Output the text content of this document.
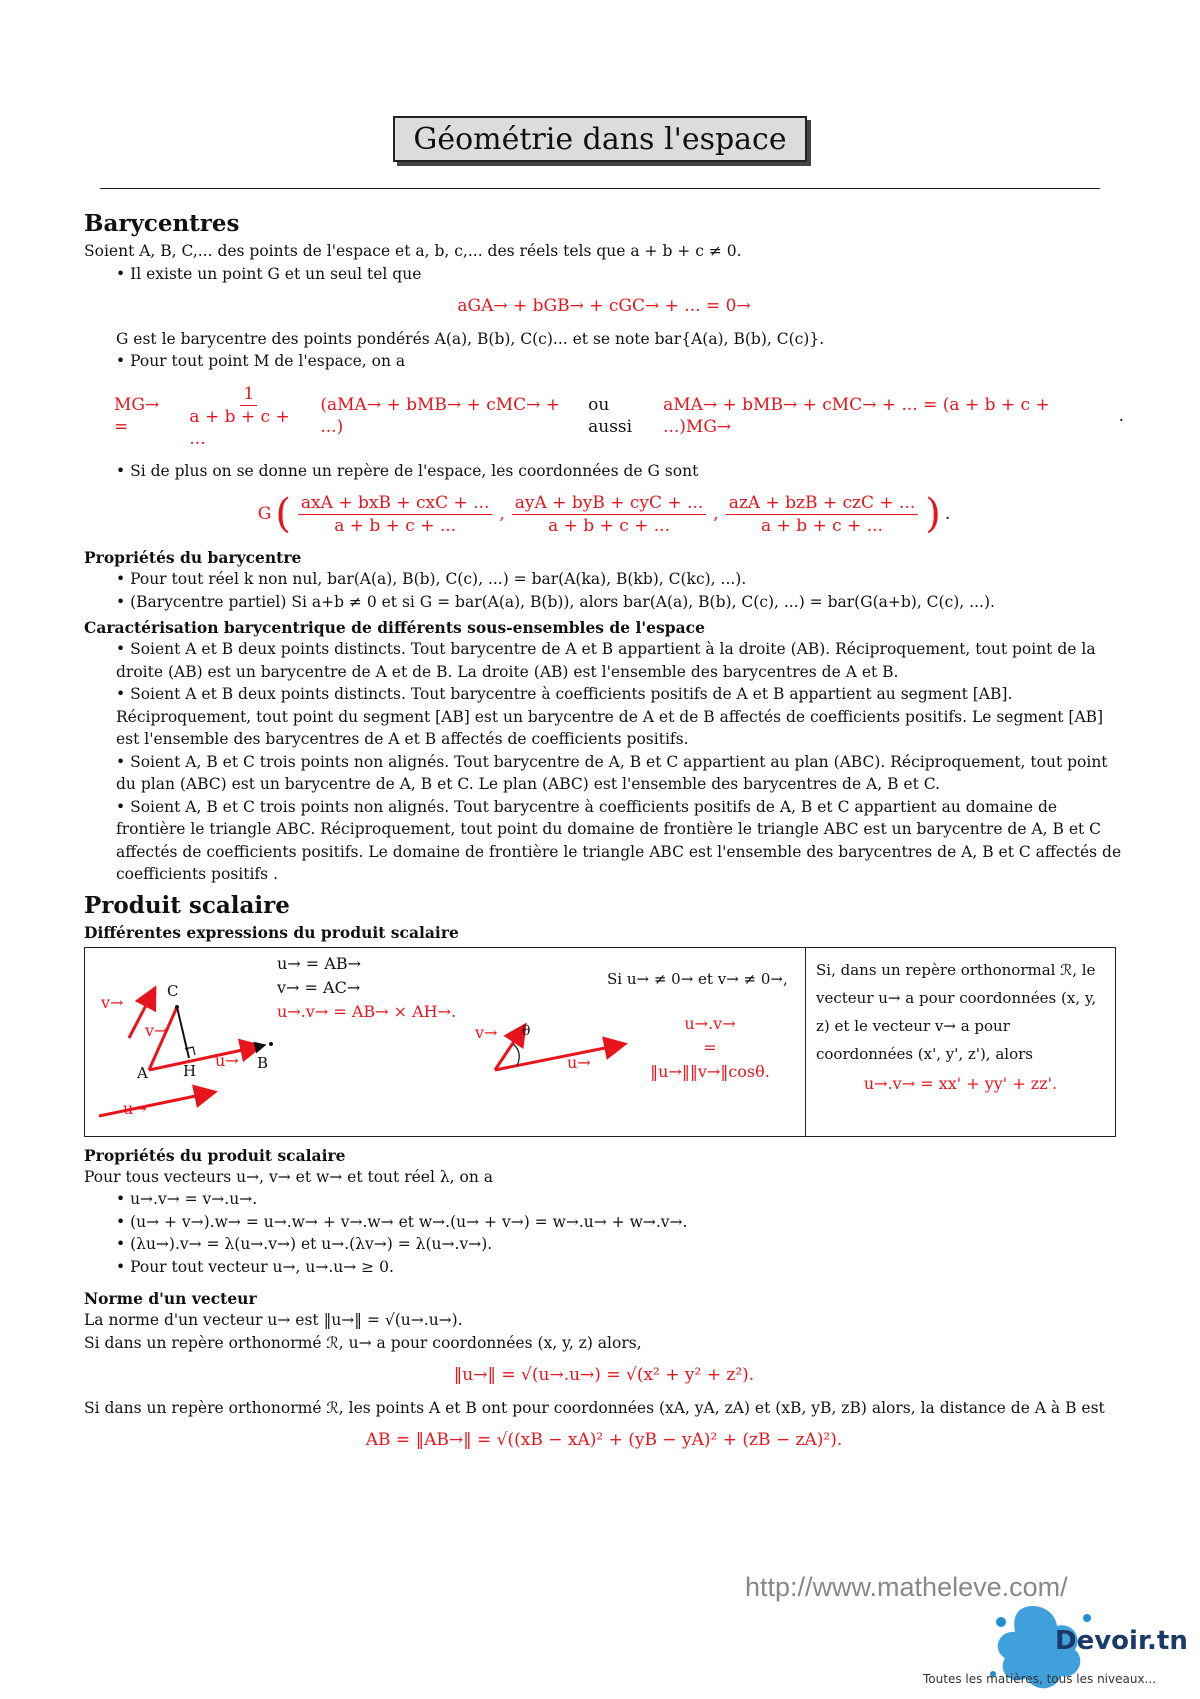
Géométrie dans l'espace
Barycentres

Soient A, B, C,... des points de l'espace et a, b, c,... des réels tels que a + b + c ≠ 0.

• Il existe un point G et un seul tel que

aGA→ + bGB→ + cGC→ + ... = 0→

G est le barycentre des points pondérés A(a), B(b), C(c)... et se note bar{A(a), B(b), C(c)}.

• Pour tout point M de l'espace, on a

MG→ =	$\frac{1}{a + b + c + ...} (aMA\to + bMB\to + cMC\to$ + ...)
ou aussi
aMA→ + bMB→ + cMC→ + ... = (a + b + c + ...)MG→
.

• Si de plus on se donne un repère de l'espace, les coordonnées de G sont

G ( $\frac{\text{axA + bxB + cxC + ...}}{a + b + c + ...}$ , $\frac{\text{ayA + byB + cyC + ...}}{a + b + c + ...}$ , $\frac{\text{azA + bzB + czC + ...}}{a + b + c + ...}$ ) .
Propriétés du barycentre

• Pour tout réel k non nul, bar(A(a), B(b), C(c), ...) = bar(A(ka), B(kb), C(kc), ...).

• (Barycentre partiel) Si a+b ≠ 0 et si G = bar(A(a), B(b)), alors bar(A(a), B(b), C(c), ...) = bar(G(a+b), C(c), ...).

Caractérisation barycentrique de différents sous-ensembles de l'espace

• Soient A et B deux points distincts. Tout barycentre de A et B appartient à la droite (AB). Réciproquement, tout point de la droite (AB) est un barycentre de A et de B. La droite (AB) est l'ensemble des barycentres de A et B.

• Soient A et B deux points distincts. Tout barycentre à coefficients positifs de A et B appartient au segment [AB]. Réciproquement, tout point du segment [AB] est un barycentre de A et de B affectés de coefficients positifs. Le segment [AB] est l'ensemble des barycentres de A et B affectés de coefficients positifs.

• Soient A, B et C trois points non alignés. Tout barycentre de A, B et C appartient au plan (ABC). Réciproquement, tout point du plan (ABC) est un barycentre de A, B et C. Le plan (ABC) est l'ensemble des barycentres de A, B et C.

• Soient A, B et C trois points non alignés. Tout barycentre à coefficients positifs de A, B et C appartient au domaine de frontière le triangle ABC. Réciproquement, tout point du domaine de frontière le triangle ABC est un barycentre de A, B et C affectés de coefficients positifs. Le domaine de frontière le triangle ABC est l'ensemble des barycentres de A, B et C affectés de coefficients positifs .

Produit scalaire
Différentes expressions du produit scalaire
C
A H	B
v→
v→
u→
u→
u→ = AB→
v→ = AC→
u→.v→ = AB→ × AH→.
Si u→ ≠ 0→ et v→ ≠ 0→,
θ
v→
u→
u→.v→
=
‖u→‖‖v→‖cosθ.
Si, dans un repère orthonormal ℛ, le vecteur u→ a pour coordonnées (x, y, z) et le vecteur v→ a pour coordonnées (x', y', z'), alors
u→.v→ = xx' + yy' + zz'.
Propriétés du produit scalaire

Pour tous vecteurs u→, v→ et w→ et tout réel λ, on a

• u→.v→ = v→.u→.

• (u→ + v→).w→ = u→.w→ + v→.w→ et w→.(u→ + v→) = w→.u→ + w→.v→.

• (λu→).v→ = λ(u→.v→) et u→.(λv→) = λ(u→.v→).

• Pour tout vecteur u→, u→.u→ ≥ 0.

Norme d'un vecteur

La norme d'un vecteur u→ est ‖u→‖ = √(u→.u→).

Si dans un repère orthonormé ℛ, u→ a pour coordonnées (x, y, z) alors,

‖u→‖ = √(u→.u→) = √(x² + y² + z²).

Si dans un repère orthonormé ℛ, les points A et B ont pour coordonnées (xA, yA, zA) et (xB, yB, zB) alors, la distance de A à B est

AB = ‖AB→‖ = √((xB − xA)² + (yB − yA)² + (zB − zA)²).
http://www.matheleve.com/
Devoir.tn
Toutes les matières, tous les niveaux...
